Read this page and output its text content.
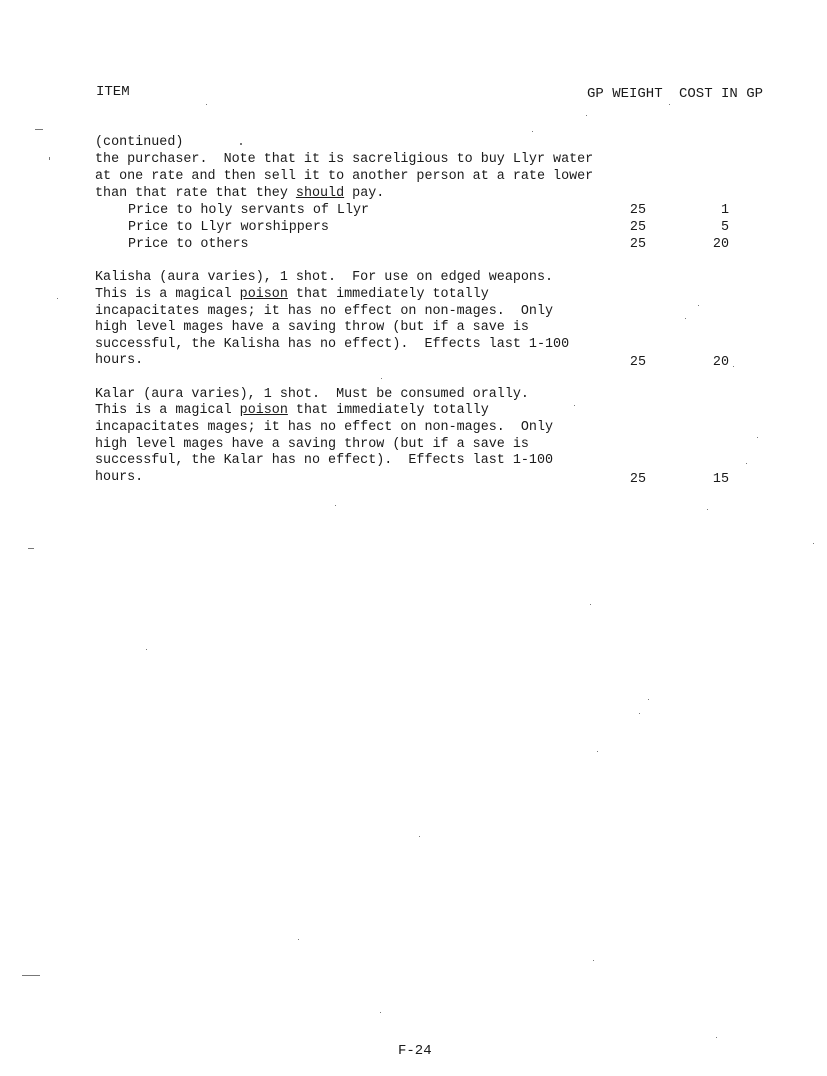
ITEM	GP WEIGHT COST IN GP
(continued)
the purchaser.  Note that it is sacreligious to buy Llyr water
at one rate and then sell it to another person at a rate lower
than that rate that they should pay.
Price to holy servants of Llyr	25	1
Price to Llyr worshippers	25	5
Price to others	25	20
Kalisha (aura varies), 1 shot.  For use on edged weapons.
This is a magical poison that immediately totally
incapacitates mages; it has no effect on non-mages.  Only
high level mages have a saving throw (but if a save is
successful, the Kalisha has no effect).  Effects last 1-100
hours.	25	20
Kalar (aura varies), 1 shot.  Must be consumed orally.
This is a magical poison that immediately totally
incapacitates mages; it has no effect on non-mages.  Only
high level mages have a saving throw (but if a save is
successful, the Kalar has no effect).  Effects last 1-100
hours.	25	15
F-24
